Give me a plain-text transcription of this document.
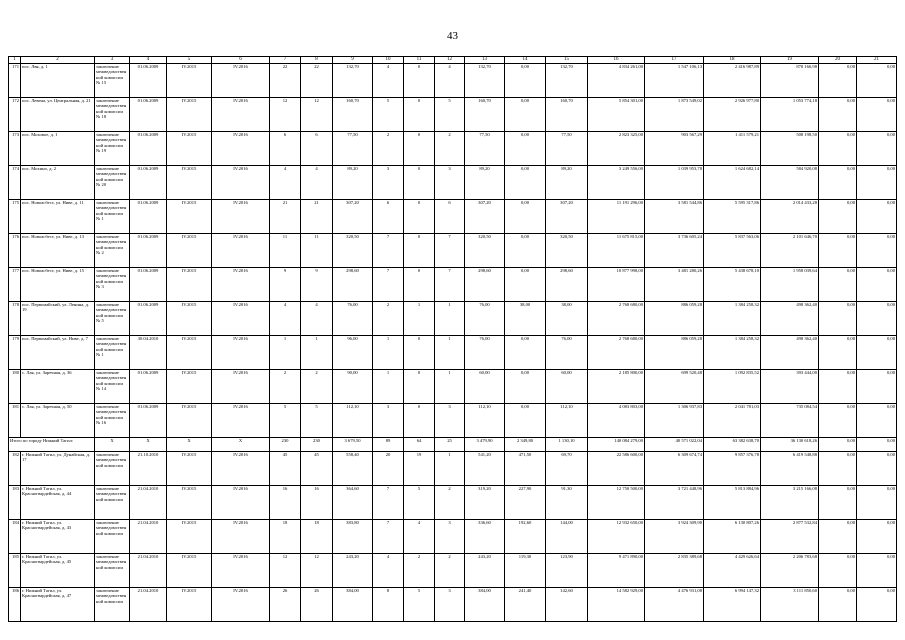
43
1	2	3	4	5	6	7	8	9	10	11	12	13	14	15	16	17	18	19	20	21
171	пос. Лвя, д. 1	заключение межведомственной комиссии № 15	01.06.2009	IV.2015	IV.2016	22	22	132,70	4	0	4	132,70	0,00	132,70	4 834 261,00	1 547 106,13	2 416 987,89	870 166,98	0,00	0,00
172	пос. Левена, ул. Центральная, д. 21	заключение межведомственной комиссии № 18	01.06.2009	IV.2015	IV.2016	12	12	160,70	5	0	5	160,70	0,00	160,70	5 854 301,00	1 873 549,02	2 926 977,80	1 053 774,18	0,00	0,00
173	пос. Моховое, д. 1	заключение межведомственной комиссии № 19	01.06.2009	IV.2015	IV.2016	6	6	77,50	2	0	2	77,50	0,00	77,50	2 823 325,00	903 567,29	1 411 579,21	508 198,50	0,00	0,00
174	пос. Мохино, д. 2	заключение межведомственной комиссии № 20	01.06.2009	IV.2015	IV.2016	4	4	89,20	3	0	3	89,20	0,00	89,20	3 249 556,00	1 039 953,78	1 624 682,14	584 920,08	0,00	0,00
175	пос. Новоасбест, ул. Ниве, д. 11	заключение межведомственной комиссии № 1	01.06.2009	IV.2015	IV.2016	21	21	307,20	6	0	6	307,20	0,00	307,20	11 191 296,00	3 581 544,86	5 595 317,86	2 014 433,28	0,00	0,00
176	пос. Новоасбест, ул. Ниве, д. 13	заключение межведомственной комиссии № 2	01.06.2009	IV.2015	IV.2016	11	11	320,50	7	0	7	320,50	0,00	320,50	11 675 815,00	3 736 605,24	5 837 563,06	2 101 646,70	0,00	0,00
177	пос. Новоасбест, ул. Ниве, д. 15	заключение межведомственной комиссии № 3	01.06.2009	IV.2015	IV.2016	9	9	298,60	7	0	7	298,60	0,00	298,60	10 877 998,00	3 481 280,26	5 438 678,10	1 958 039,64	0,00	0,00
178	пос. Первомайский, ул. Ленина, д. 19	заключение межведомственной комиссии № 5	01.06.2009	IV.2015	IV.2016	4	4	76,00	2	1	1	76,00	38,00	38,00	2 768 680,00	886 059,28	1 384 258,32	498 362,40	0,00	0,00
179	пос. Первомайский, ул. Ниве, д. 7	заключение межведомственной комиссии № 1	30.04.2010	IV.2015	IV.2016	1	1	96,00	1	0	1	76,00	0,00	76,00	2 768 680,00	886 059,28	1 384 258,32	498 362,40	0,00	0,00
180	с. Лая, ул. Заречная, д. 36	заключение межведомственной комиссии № 14	01.06.2009	IV.2015	IV.2016	2	2	90,00	1	0	1	60,00	0,00	60,00	2 185 800,00	699 520,48	1 092 835,52	393 444,00	0,00	0,00
181	с. Лая, ул. Заречная, д. 50	заключение межведомственной комиссии № 16	01.06.2009	IV.2015	IV.2016	5	5	112,10	3	0	3	112,10	0,00	112,10	4 083 803,00	1 306 937,83	2 041 781,03	735 084,54	0,00	0,00
Итого по городу Нижний Тагил:		X	X	X	X	230	230	3 679,50	89	64	25	3 479,90	2 349,80	1 130,10	140 084 279,00	40 571 022,04	63 382 638,70	36 130 618,26	0,00	0,00
182	г. Нижний Тагил, ул. Дунайская, д. 17	заключение межведомственной комиссии	21.10.2010	IV.2015	IV.2016	45	45	558,40	20	19	1	541,20	471,50	69,70	22 586 600,00	6 309 674,74	9 857 376,78	6 419 548,88	0,00	0,00
183	г. Нижний Тагил, ул. Красногвардейская, д. 44	заключение межведомственной комиссии	21.04.2010	IV.2015	IV.2016	16	16	364,60	7	5	2	319,20	227,90	91,30	12 750 500,00	3 721 448,96	5 813 884,96	3 215 166,08	0,00	0,00
184	г. Нижний Тагил, ул. Красногвардейская, д. 43	заключение межведомственной комиссии	21.04.2010	IV.2015	IV.2016	18	18	383,80	7	4	3	336,60	192,60	144,00	12 932 650,00	3 924 309,90	6 130 807,26	2 877 532,84	0,00	0,00
185	г. Нижний Тагил, ул. Красногвардейская, д. 45	заключение межведомственной комиссии	21.04.2010	IV.2015	IV.2016	12	12	243,20	4	2	2	243,20	119,30	123,90	9 471 890,00	2 835 389,68	4 429 626,64	2 206 783,68	0,00	0,00
186	г. Нижний Тагил, ул. Красногвардейская, д. 47	заключение межведомственной комиссии	21.04.2010	IV.2015	IV.2016	26	26	384,00	8	5	3	384,00	241,40	142,60	14 582 929,00	4 476 931,08	6 994 147,32	3 111 850,60	0,00	0,00
